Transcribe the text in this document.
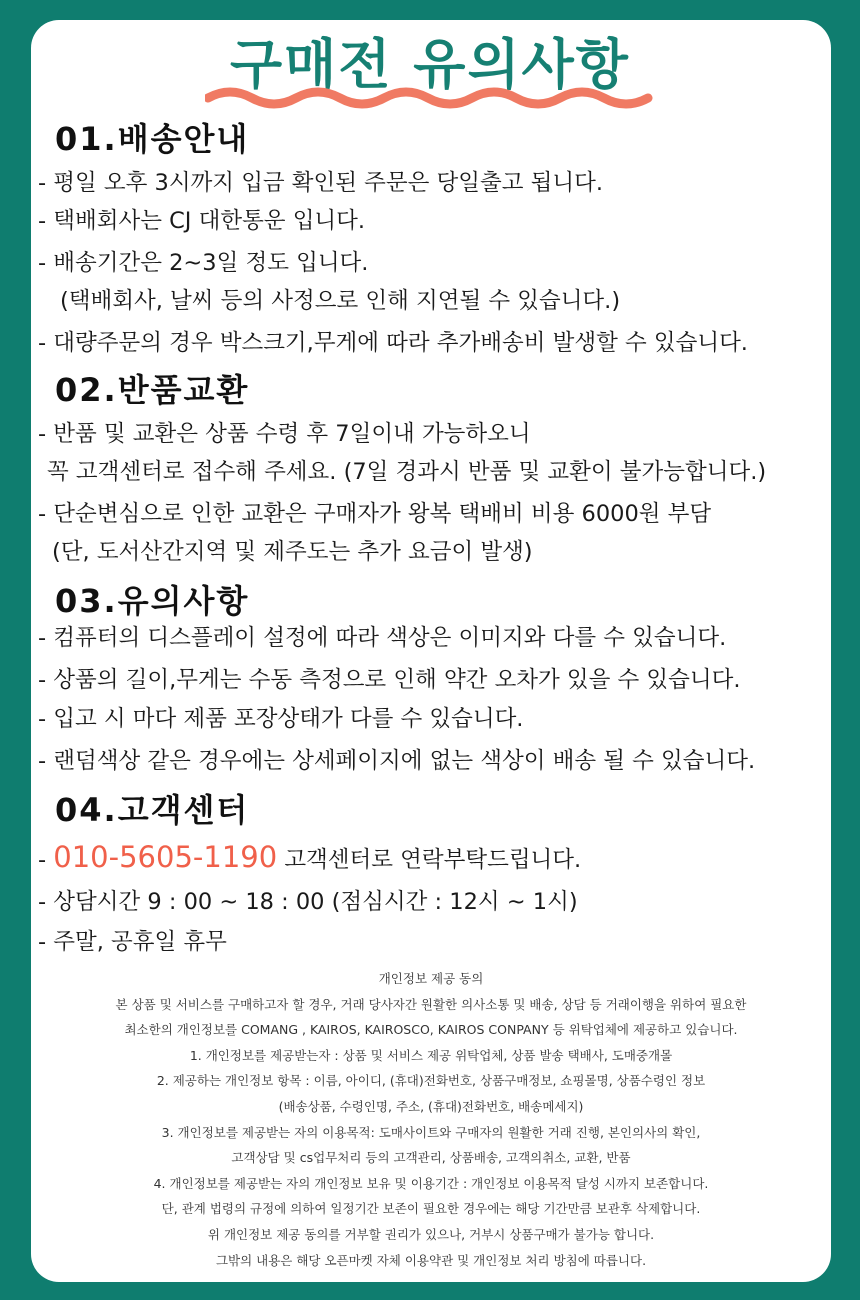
구매전 유의사항
01.배송안내

- 평일 오후 3시까지 입금 확인된 주문은 당일출고 됩니다.

- 택배회사는 CJ 대한통운 입니다.

- 배송기간은 2~3일 정도 입니다.

(택배회사, 날씨 등의 사정으로 인해 지연될 수 있습니다.)

- 대량주문의 경우 박스크기,무게에 따라 추가배송비 발생할 수 있습니다.

02.반품교환

- 반품 및 교환은 상품 수령 후 7일이내 가능하오니

꼭 고객센터로 접수해 주세요. (7일 경과시 반품 및 교환이 불가능합니다.)

- 단순변심으로 인한 교환은 구매자가 왕복 택배비 비용 6000원 부담

(단, 도서산간지역 및 제주도는 추가 요금이 발생)

03.유의사항

- 컴퓨터의 디스플레이 설정에 따라 색상은 이미지와 다를 수 있습니다.

- 상품의 길이,무게는 수동 측정으로 인해 약간 오차가 있을 수 있습니다.

- 입고 시 마다 제품 포장상태가 다를 수 있습니다.

- 랜덤색상 같은 경우에는 상세페이지에 없는 색상이 배송 될 수 있습니다.

04.고객센터

- 010-5605-1190 고객센터로 연락부탁드립니다.

- 상담시간 9 : 00 ~ 18 : 00 (점심시간 : 12시 ~ 1시)

- 주말, 공휴일 휴무

개인정보 제공 동의
본 상품 및 서비스를 구매하고자 할 경우, 거래 당사자간 원활한 의사소통 및 배송, 상담 등 거래이행을 위하여 필요한
최소한의 개인정보를 COMANG , KAIROS, KAIROSCO, KAIROS CONPANY 등 위탁업체에 제공하고 있습니다.
1. 개인정보를 제공받는자 : 상품 및 서비스 제공 위탁업체, 상품 발송 택배사, 도매중개몰
2. 제공하는 개인정보 항목 : 이름, 아이디, (휴대)전화번호, 상품구매정보, 쇼핑몰명, 상품수령인 정보
(배송상품, 수령인명, 주소, (휴대)전화번호, 배송메세지)
3. 개인정보를 제공받는 자의 이용목적: 도매사이트와 구매자의 원활한 거래 진행, 본인의사의 확인,
고객상담 및 cs업무처리 등의 고객관리, 상품배송, 고객의취소, 교환, 반품
4. 개인정보를 제공받는 자의 개인정보 보유 및 이용기간 : 개인정보 이용목적 달성 시까지 보존합니다.
단, 관계 법령의 규정에 의하여 일정기간 보존이 필요한 경우에는 해당 기간만큼 보관후 삭제합니다.
위 개인정보 제공 동의를 거부할 권리가 있으나, 거부시 상품구매가 불가능 합니다.
그밖의 내용은 해당 오픈마켓 자체 이용약관 및 개인정보 처리 방침에 따릅니다.
